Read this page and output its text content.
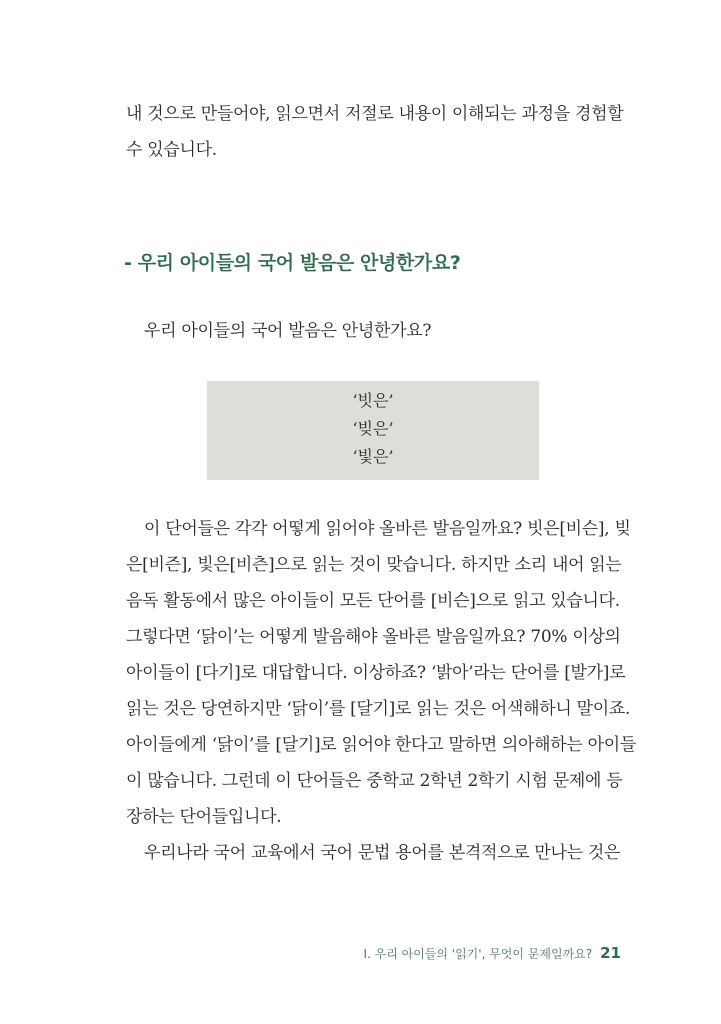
내 것으로 만들어야, 읽으면서 저절로 내용이 이해되는 과정을 경험할
수 있습니다.

- 우리 아이들의 국어 발음은 안녕한가요?

우리 아이들의 국어 발음은 안녕한가요?

‘빗은’
‘빚은’
‘빛은’

이 단어들은 각각 어떻게 읽어야 올바른 발음일까요? 빗은[비슨], 빚
은[비즌], 빛은[비츤]으로 읽는 것이 맞습니다. 하지만 소리 내어 읽는
음독 활동에서 많은 아이들이 모든 단어를 [비슨]으로 읽고 있습니다.
그렇다면 ‘닭이’는 어떻게 발음해야 올바른 발음일까요? 70% 이상의
아이들이 [다기]로 대답합니다. 이상하죠? ‘밝아’라는 단어를 [발가]로
읽는 것은 당연하지만 ‘닭이’를 [달기]로 읽는 것은 어색해하니 말이죠.
아이들에게 ‘닭이’를 [달기]로 읽어야 한다고 말하면 의아해하는 아이들
이 많습니다. 그런데 이 단어들은 중학교 2학년 2학기 시험 문제에 등
장하는 단어들입니다.
우리나라 국어 교육에서 국어 문법 용어를 본격적으로 만나는 것은

I. 우리 아이들의 '읽기', 무엇이 문제일까요? 21
